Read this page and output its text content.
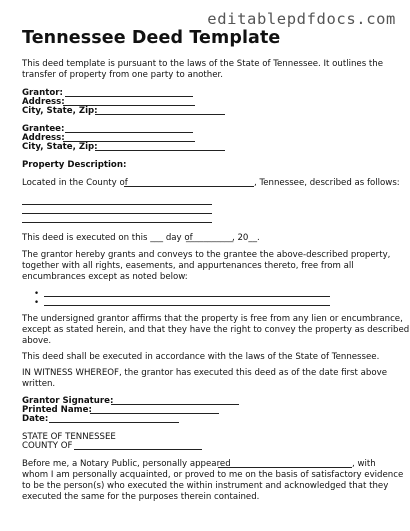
editablepdfdocs.com
Tennessee Deed Template
This deed template is pursuant to the laws of the State of Tennessee. It outlines the
transfer of property from one party to another.
Grantor:
Address:
City, State, Zip:
Grantee:
Address:
City, State, Zip:
Property Description:
Located in the County of	, Tennessee, described as follows:
This deed is executed on this ___ day of
___________
, 20__.
The grantor hereby grants and conveys to the grantee the above-described property,
together with all rights, easements, and appurtenances thereto, free from all
encumbrances except as noted below:
•
•
The undersigned grantor affirms that the property is free from any lien or encumbrance,
except as stated herein, and that they have the right to convey the property as described
above.
This deed shall be executed in accordance with the laws of the State of Tennessee.
IN WITNESS WHEREOF, the grantor has executed this deed as of the date first above
written.
Grantor Signature:
Printed Name:
Date:
STATE OF TENNESSEE
COUNTY OF
Before me, a Notary Public, personally appeared	, with
whom I am personally acquainted, or proved to me on the basis of satisfactory evidence
to be the person(s) who executed the within instrument and acknowledged that they
executed the same for the purposes therein contained.
